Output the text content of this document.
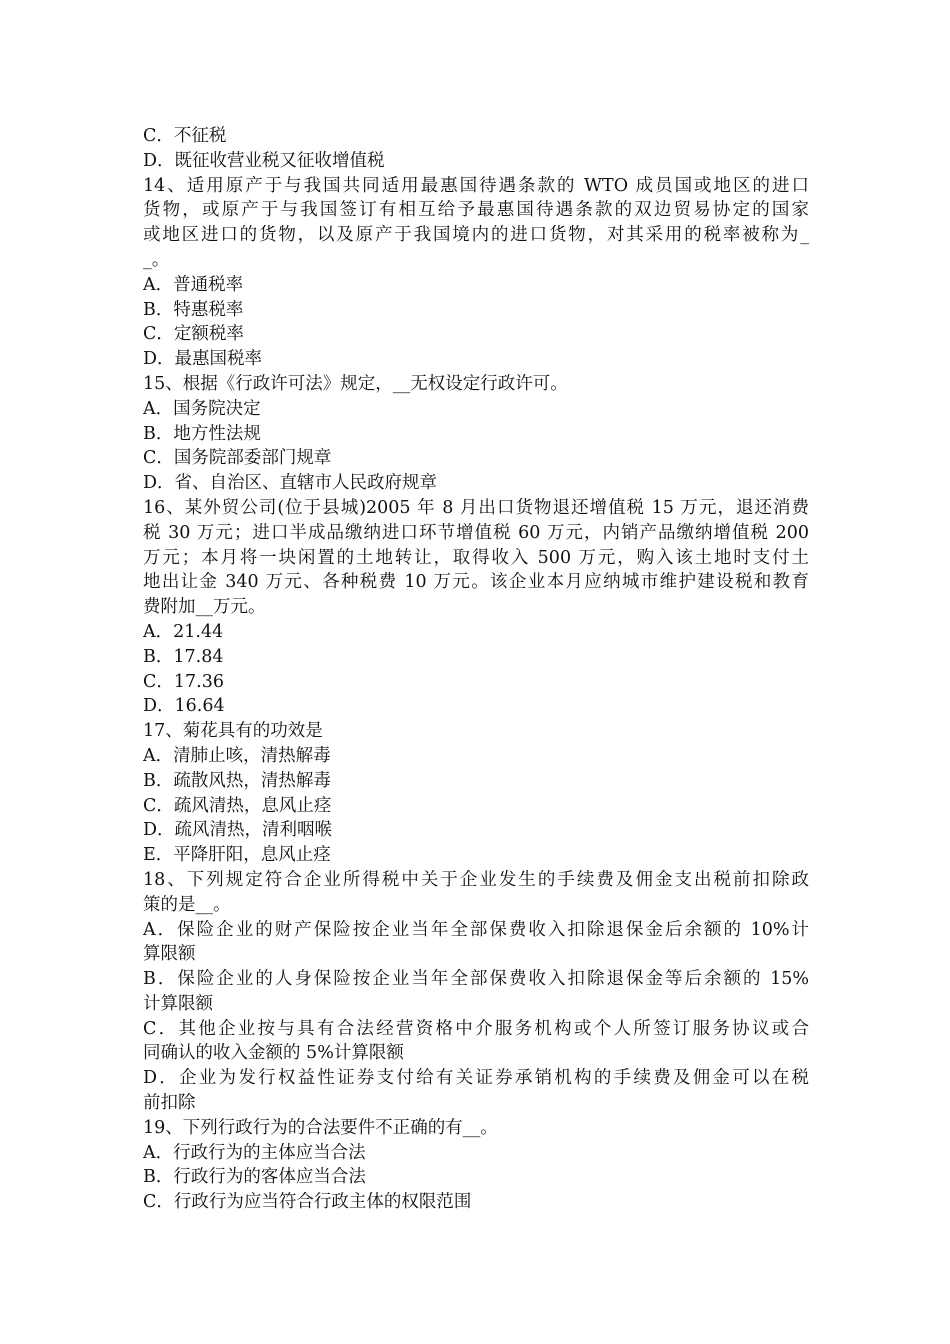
C．不征税
D．既征收营业税又征收增值税
14、适用原产于与我国共同适用最惠国待遇条款的 WTO 成员国或地区的进口
货物，或原产于与我国签订有相互给予最惠国待遇条款的双边贸易协定的国家
或地区进口的货物，以及原产于我国境内的进口货物，对其采用的税率被称为_
_。
A．普通税率
B．特惠税率
C．定额税率
D．最惠国税率
15、根据《行政许可法》规定，__无权设定行政许可。
A．国务院决定
B．地方性法规
C．国务院部委部门规章
D．省、自治区、直辖市人民政府规章
16、某外贸公司(位于县城)2005 年 8 月出口货物退还增值税 15 万元，退还消费
税 30 万元；进口半成品缴纳进口环节增值税 60 万元，内销产品缴纳增值税 200
万元；本月将一块闲置的土地转让，取得收入 500 万元，购入该土地时支付土
地出让金 340 万元、各种税费 10 万元。该企业本月应纳城市维护建设税和教育
费附加__万元。
A．21.44
B．17.84
C．17.36
D．16.64
17、菊花具有的功效是
A．清肺止咳，清热解毒
B．疏散风热，清热解毒
C．疏风清热，息风止痉
D．疏风清热，清利咽喉
E．平降肝阳，息风止痉
18、下列规定符合企业所得税中关于企业发生的手续费及佣金支出税前扣除政
策的是__。
A．保险企业的财产保险按企业当年全部保费收入扣除退保金后余额的 10%计
算限额
B．保险企业的人身保险按企业当年全部保费收入扣除退保金等后余额的 15%
计算限额
C．其他企业按与具有合法经营资格中介服务机构或个人所签订服务协议或合
同确认的收入金额的 5%计算限额
D．企业为发行权益性证券支付给有关证券承销机构的手续费及佣金可以在税
前扣除
19、下列行政行为的合法要件不正确的有__。
A．行政行为的主体应当合法
B．行政行为的客体应当合法
C．行政行为应当符合行政主体的权限范围
